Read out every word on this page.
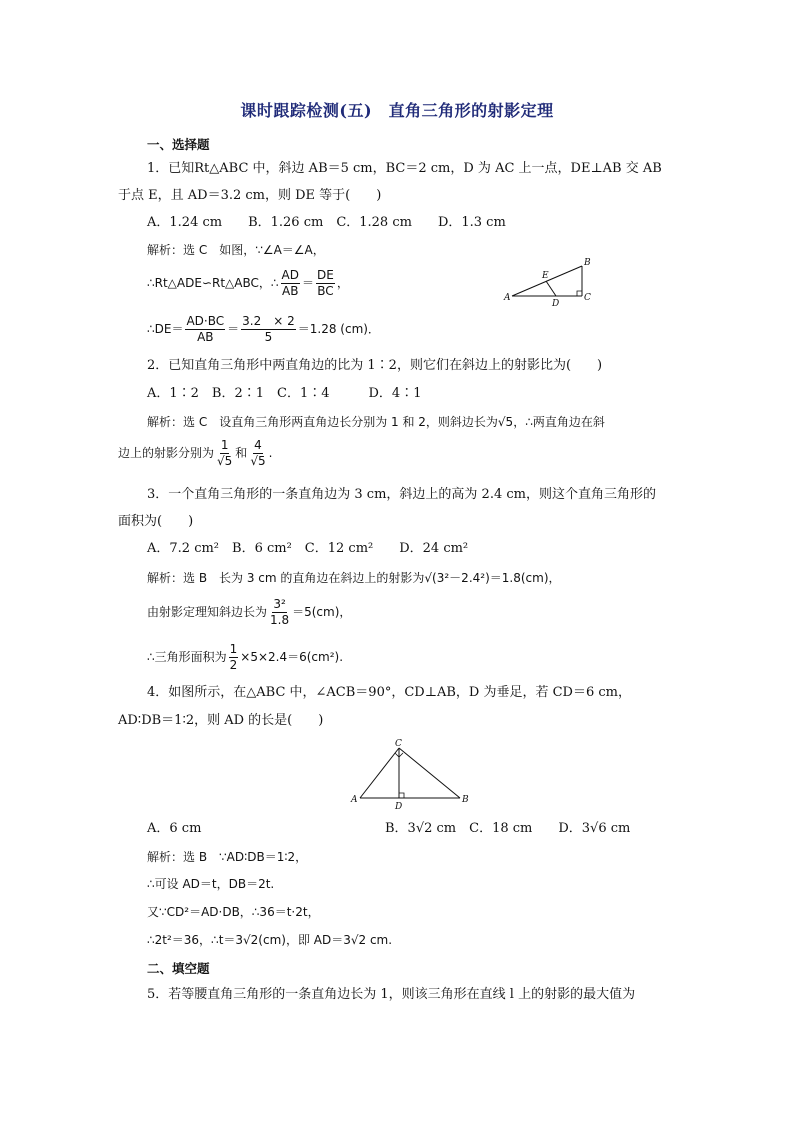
课时跟踪检测(五)　直角三角形的射影定理
一、选择题
1．已知Rt△ABC 中，斜边 AB＝5 cm，BC＝2 cm，D 为 AC 上一点，DE⊥AB 交 AB
于点 E，且 AD＝3.2 cm，则 DE 等于(　　)
A．1.24 cm　　B．1.26 cm　C．1.28 cm　　D．1.3 cm
解析：选 C　如图，∵∠A＝∠A，
∴Rt△ADE∽Rt△ABC，∴ $\frac{AD}{AB} = \frac{DE}{BC}$ ，
∴DE＝ $\frac{AD\cdot BC}{AB} = \frac{3.2 \times 2}{5} =1.28$ (cm)．
A
B
C
D
E
2．已知直角三角形中两直角边的比为 1∶2，则它们在斜边上的射影比为(　　)
A．1∶2　B．2∶1　C．1∶4　　　D．4∶1
解析：选 C　设直角三角形两直角边长分别为 1 和 2，则斜边长为√5，∴两直角边在斜
边上的射影分别为 $\frac{1}{√5}$ 和 $\frac{4}{√5}$ .
3．一个直角三角形的一条直角边为 3 cm，斜边上的高为 2.4 cm，则这个直角三角形的
面积为(　　)
A．7.2 cm²　B．6 cm²　C．12 cm²　　D．24 cm²
解析：选 B　长为 3 cm 的直角边在斜边上的射影为√(3²－2.4²)＝1.8(cm)，
由射影定理知斜边长为 $\frac{\text{3²}}{1.8} =5(cm)$，
∴三角形面积为 $\frac{1}{2} \times 5\times 2.4=6(cm^2)$.
4．如图所示，在△ABC 中，∠ACB＝90°，CD⊥AB，D 为垂足，若 CD＝6 cm，
AD∶DB＝1∶2，则 AD 的长是(　　)
A	B
C
D
A．6 cm	B．3√2 cm　C．18 cm　　D．3√6 cm
解析：选 B　∵AD∶DB＝1∶2，
∴可设 AD＝t，DB＝2t.
又∵CD²＝AD·DB，∴36＝t·2t，
∴2t²＝36，∴t＝3√2(cm)，即 AD＝3√2 cm.
二、填空题
5．若等腰直角三角形的一条直角边长为 1，则该三角形在直线 l 上的射影的最大值为
